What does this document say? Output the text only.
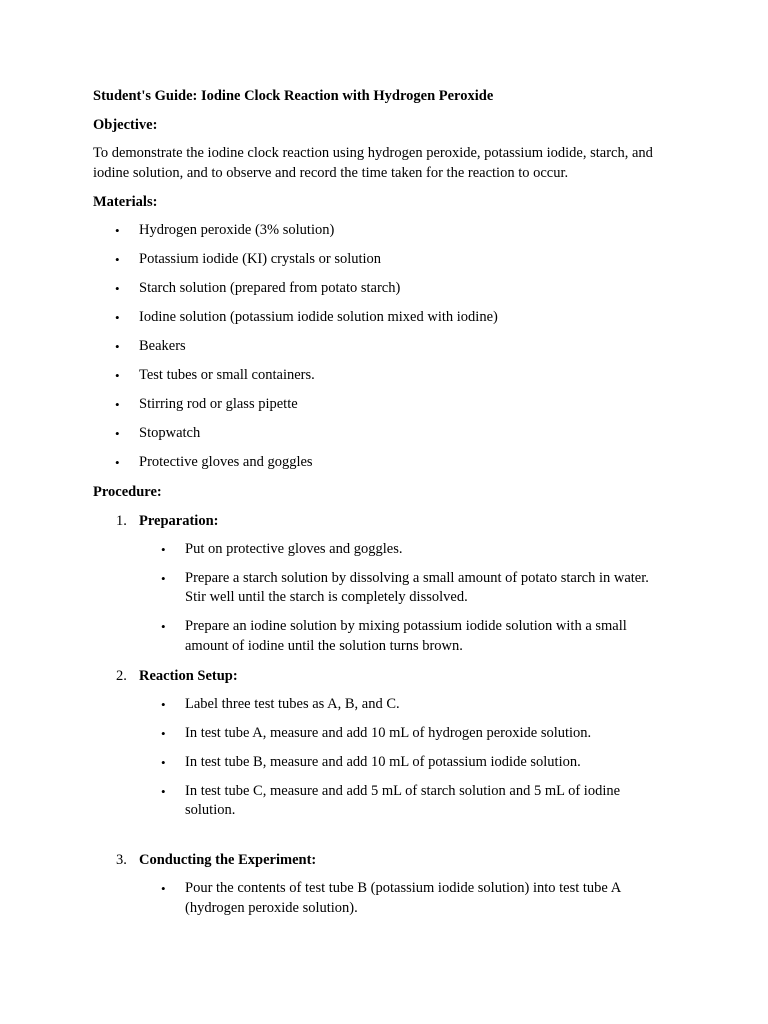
Student's Guide: Iodine Clock Reaction with Hydrogen Peroxide
Objective:
To demonstrate the iodine clock reaction using hydrogen peroxide, potassium iodide, starch, and iodine solution, and to observe and record the time taken for the reaction to occur.
Materials:
• Hydrogen peroxide (3% solution)
• Potassium iodide (KI) crystals or solution
• Starch solution (prepared from potato starch)
• Iodine solution (potassium iodide solution mixed with iodine)
• Beakers
• Test tubes or small containers.
• Stirring rod or glass pipette
• Stopwatch
• Protective gloves and goggles
Procedure:
1. Preparation:
• Put on protective gloves and goggles.
• Prepare a starch solution by dissolving a small amount of potato starch in water. Stir well until the starch is completely dissolved.
• Prepare an iodine solution by mixing potassium iodide solution with a small amount of iodine until the solution turns brown.
2. Reaction Setup:
• Label three test tubes as A, B, and C.
• In test tube A, measure and add 10 mL of hydrogen peroxide solution.
• In test tube B, measure and add 10 mL of potassium iodide solution.
• In test tube C, measure and add 5 mL of starch solution and 5 mL of iodine solution.
3. Conducting the Experiment:
• Pour the contents of test tube B (potassium iodide solution) into test tube A (hydrogen peroxide solution).
